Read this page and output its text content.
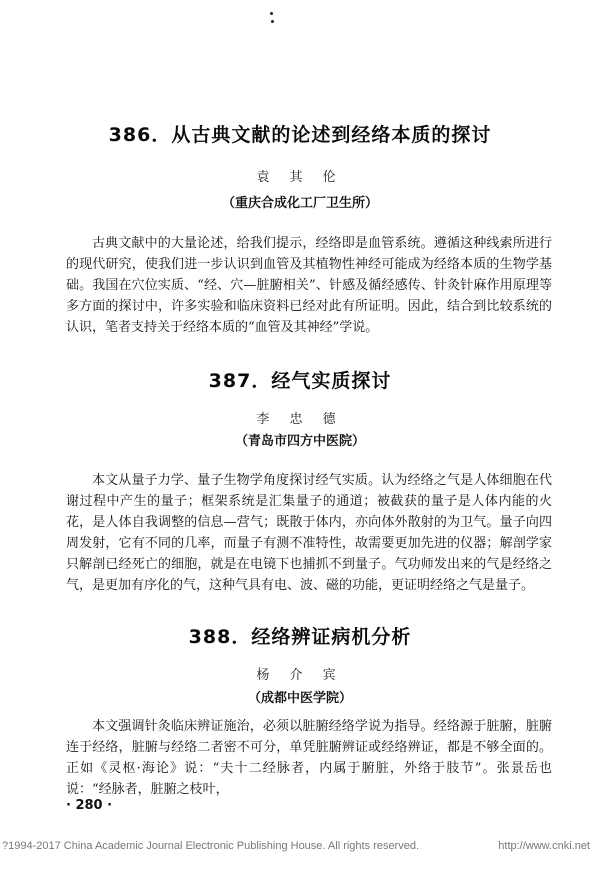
386．从古典文献的论述到经络本质的探讨
袁 其 伦
（重庆合成化工厂卫生所）
古典文献中的大量论述，给我们提示，经络即是血管系统。遵循这种线索所进行的现代研究，使我们进一步认识到血管及其植物性神经可能成为经络本质的生物学基础。我国在穴位实质、“经、穴—脏腑相关”、针感及循经感传、针灸针麻作用原理等多方面的探讨中，许多实验和临床资料已经对此有所证明。因此，结合到比较系统的认识，笔者支持关于经络本质的“血管及其神经”学说。
387．经气实质探讨
李 忠 德
（青岛市四方中医院）
本文从量子力学、量子生物学角度探讨经气实质。认为经络之气是人体细胞在代谢过程中产生的量子；框架系统是汇集量子的通道；被截获的量子是人体内能的火花，是人体自我调整的信息—营气；既散于体内，亦向体外散射的为卫气。量子向四周发射，它有不同的几率，而量子有测不准特性，故需要更加先进的仪器；解剖学家只解剖已经死亡的细胞，就是在电镜下也捕抓不到量子。气功师发出来的气是经络之气，是更加有序化的气，这种气具有电、波、磁的功能，更证明经络之气是量子。
388．经络辨证病机分析
杨 介 宾
（成都中医学院）
本文强调针灸临床辨证施治，必须以脏腑经络学说为指导。经络源于脏腑，脏腑连于经络，脏腑与经络二者密不可分，单凭脏腑辨证或经络辨证，都是不够全面的。正如《灵枢·海论》说：“夫十二经脉者，内属于腑脏，外络于肢节”。张景岳也说：“经脉者，脏腑之枝叶，
· 280 ·
?1994-2017 China Academic Journal Electronic Publishing House. All rights reserved.	http://www.cnki.net
